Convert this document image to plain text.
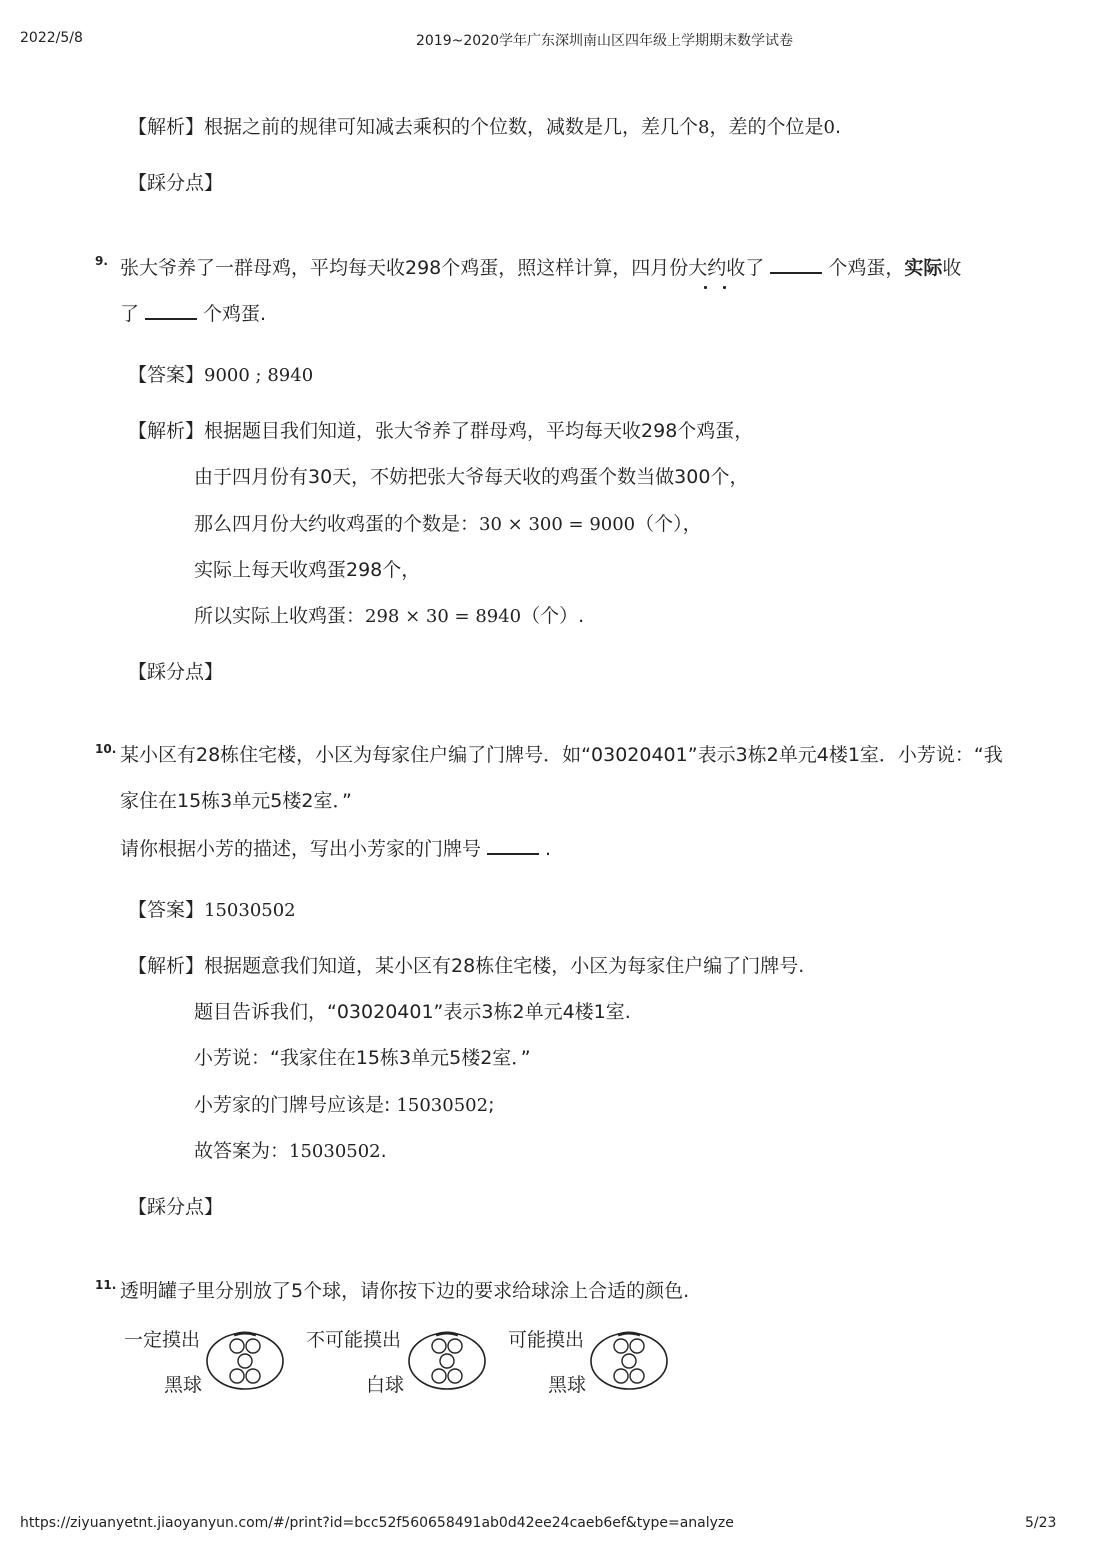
2022/5/8	2019~2020学年广东深圳南山区四年级上学期期末数学试卷
【解析】根据之前的规律可知减去乘积的个位数，减数是几，差几个8，差的个位是0.
【踩分点】
9. 张大爷养了一群母鸡，平均每天收298个鸡蛋，照这样计算，四月份大约收了	个鸡蛋，实际收
了	个鸡蛋.
【答案】9000 ; 8940
【解析】根据题目我们知道，张大爷养了群母鸡，平均每天收298个鸡蛋，
由于四月份有30天，不妨把张大爷每天收的鸡蛋个数当做300个，
那么四月份大约收鸡蛋的个数是：30 × 300 = 9000（个），
实际上每天收鸡蛋298个，
所以实际上收鸡蛋：298 × 30 = 8940（个）.
【踩分点】
10. 某小区有28栋住宅楼，小区为每家住户编了门牌号．如“03020401”表示3栋2单元4楼1室．小芳说：“我
家住在15栋3单元5楼2室．”
请你根据小芳的描述，写出小芳家的门牌号	.
【答案】15030502
【解析】根据题意我们知道，某小区有28栋住宅楼，小区为每家住户编了门牌号.
题目告诉我们，“03020401”表示3栋2单元4楼1室.
小芳说：“我家住在15栋3单元5楼2室．”
小芳家的门牌号应该是: 15030502;
故答案为：15030502.
【踩分点】
11. 透明罐子里分别放了5个球，请你按下边的要求给球涂上合适的颜色.
一定摸出
黑球
不可能摸出
白球
可能摸出
黑球
https://ziyuanyetnt.jiaoyanyun.com/#/print?id=bcc52f560658491ab0d42ee24caeb6ef&type=analyze	5/23
